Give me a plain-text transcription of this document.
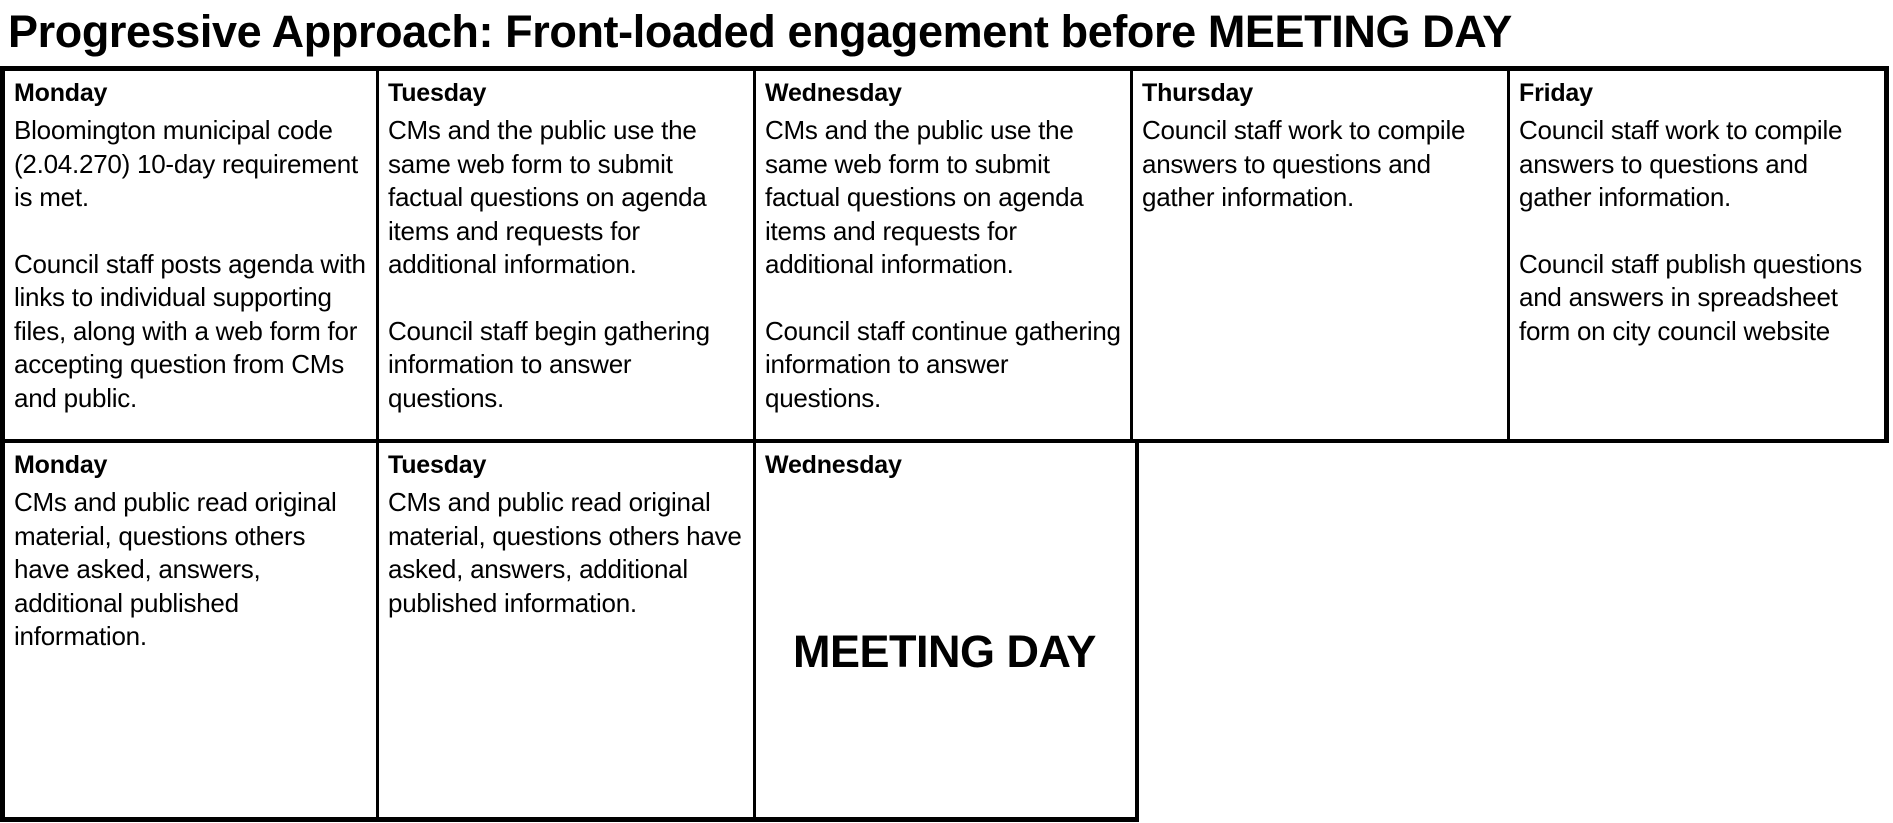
Progressive Approach: Front-loaded engagement before MEETING DAY
Monday

Bloomington municipal code (2.04.270) 10-day requirement is met.

Council staff posts agenda with links to individual supporting files, along with a web form for accepting question from CMs and public.

Tuesday

CMs and the public use the same web form to submit factual questions on agenda items and requests for additional information.

Council staff begin gathering information to answer questions.

Wednesday

CMs and the public use the same web form to submit factual questions on agenda items and requests for additional information.

Council staff continue gathering information to answer questions.

Thursday

Council staff work to compile answers to questions and gather information.

Friday

Council staff work to compile answers to questions and gather information.

Council staff publish questions and answers in spreadsheet form on city council website

Monday

CMs and public read original material, questions others have asked, answers, additional published information.

Tuesday

CMs and public read original material, questions others have asked, answers, additional published information.

Wednesday
MEETING DAY
